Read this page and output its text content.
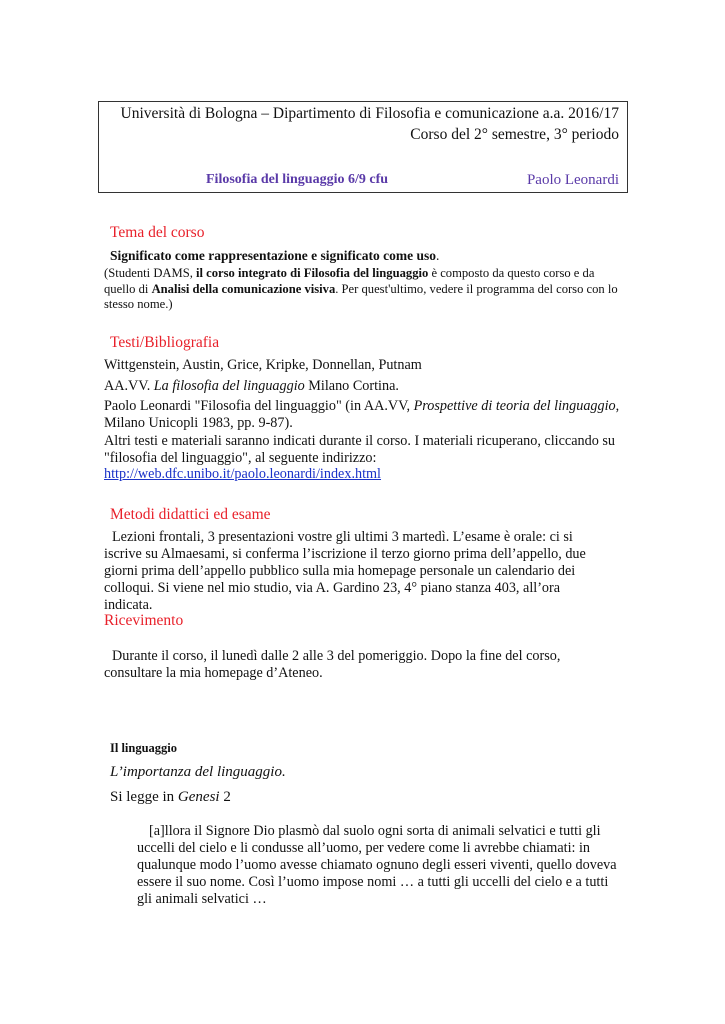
Università di Bologna – Dipartimento di Filosofia e comunicazione a.a. 2016/17
Corso del 2° semestre, 3° periodo
Filosofia del linguaggio 6/9 cfu	Paolo Leonardi
Tema del corso
Significato come rappresentazione e significato come uso.
(Studenti DAMS, il corso integrato di Filosofia del linguaggio è composto da questo corso e da quello di Analisi della comunicazione visiva. Per quest'ultimo, vedere il programma del corso con lo stesso nome.)
Testi/Bibliografia
Wittgenstein, Austin, Grice, Kripke, Donnellan, Putnam
AA.VV. La filosofia del linguaggio Milano Cortina.
Paolo Leonardi "Filosofia del linguaggio" (in AA.VV, Prospettive di teoria del linguaggio, Milano Unicopli 1983, pp. 9-87).
Altri testi e materiali saranno indicati durante il corso. I materiali ricuperano, cliccando su "filosofia del linguaggio", al seguente indirizzo:
http://web.dfc.unibo.it/paolo.leonardi/index.html
Metodi didattici ed esame
Lezioni frontali, 3 presentazioni vostre gli ultimi 3 martedì. L’esame è orale: ci si iscrive su Almaesami, si conferma l’iscrizione il terzo giorno prima dell’appello, due giorni prima dell’appello pubblico sulla mia homepage personale un calendario dei colloqui. Si viene nel mio studio, via A. Gardino 23, 4° piano stanza 403, all’ora indicata.
Ricevimento
Durante il corso, il lunedì dalle 2 alle 3 del pomeriggio. Dopo la fine del corso, consultare la mia homepage d’Ateneo.
Il linguaggio
L’importanza del linguaggio.
Si legge in Genesi 2
[a]llora il Signore Dio plasmò dal suolo ogni sorta di animali selvatici e tutti gli uccelli del cielo e li condusse all’uomo, per vedere come li avrebbe chiamati: in qualunque modo l’uomo avesse chiamato ognuno degli esseri viventi, quello doveva essere il suo nome. Così l’uomo impose nomi … a tutti gli uccelli del cielo e a tutti gli animali selvatici …
